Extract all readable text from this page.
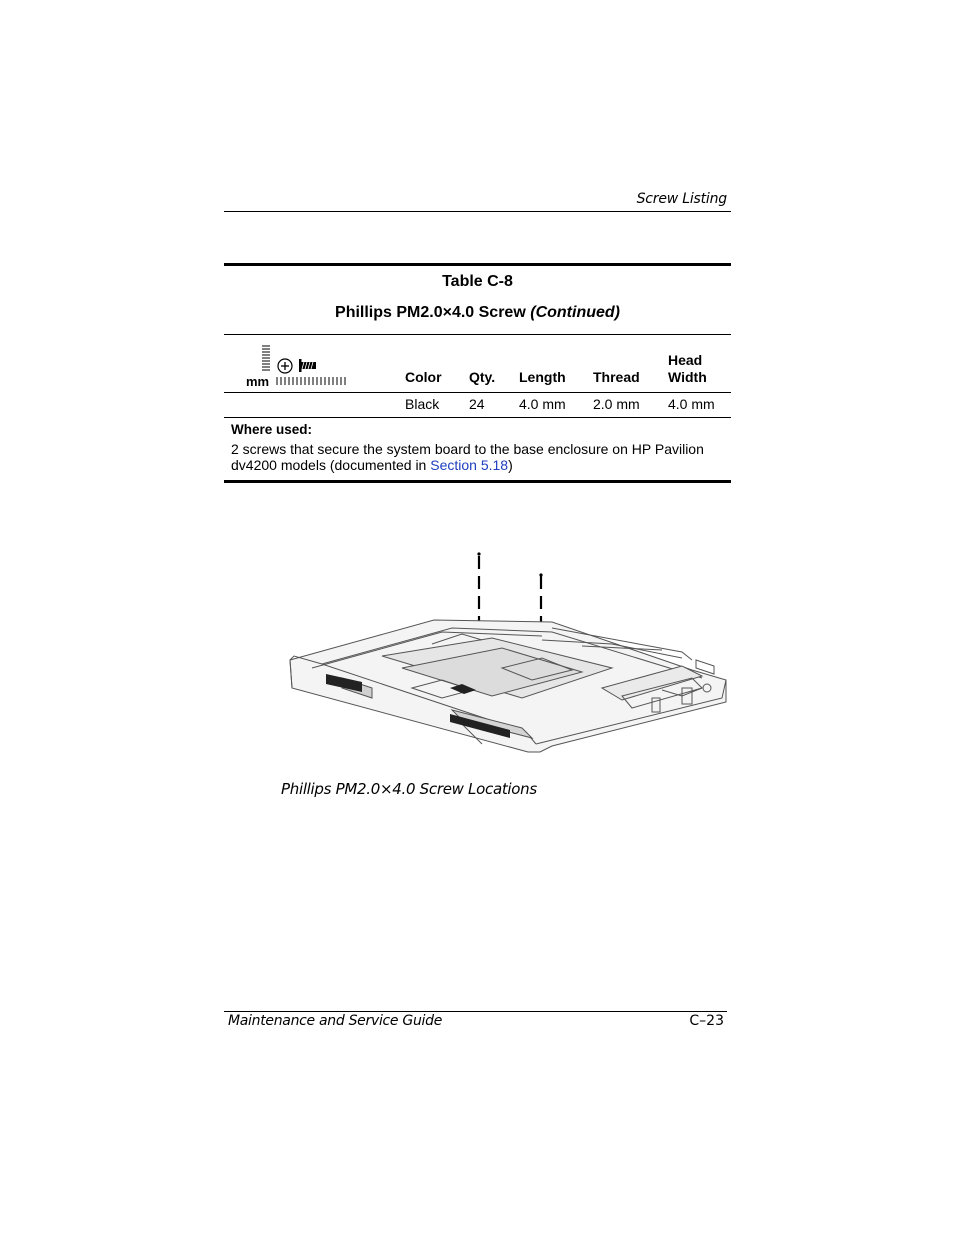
Screw Listing
Table C-8
Phillips PM2.0×4.0 Screw (Continued)
mm	Color Qty. Length Thread
Head
Width
Black 24 4.0 mm 2.0 mm 4.0 mm
Where used:
2 screws that secure the system board to the base enclosure on HP Pavilion dv4200 models (documented in Section 5.18)
Phillips PM2.0×4.0 Screw Locations
Maintenance and Service Guide	C–23
